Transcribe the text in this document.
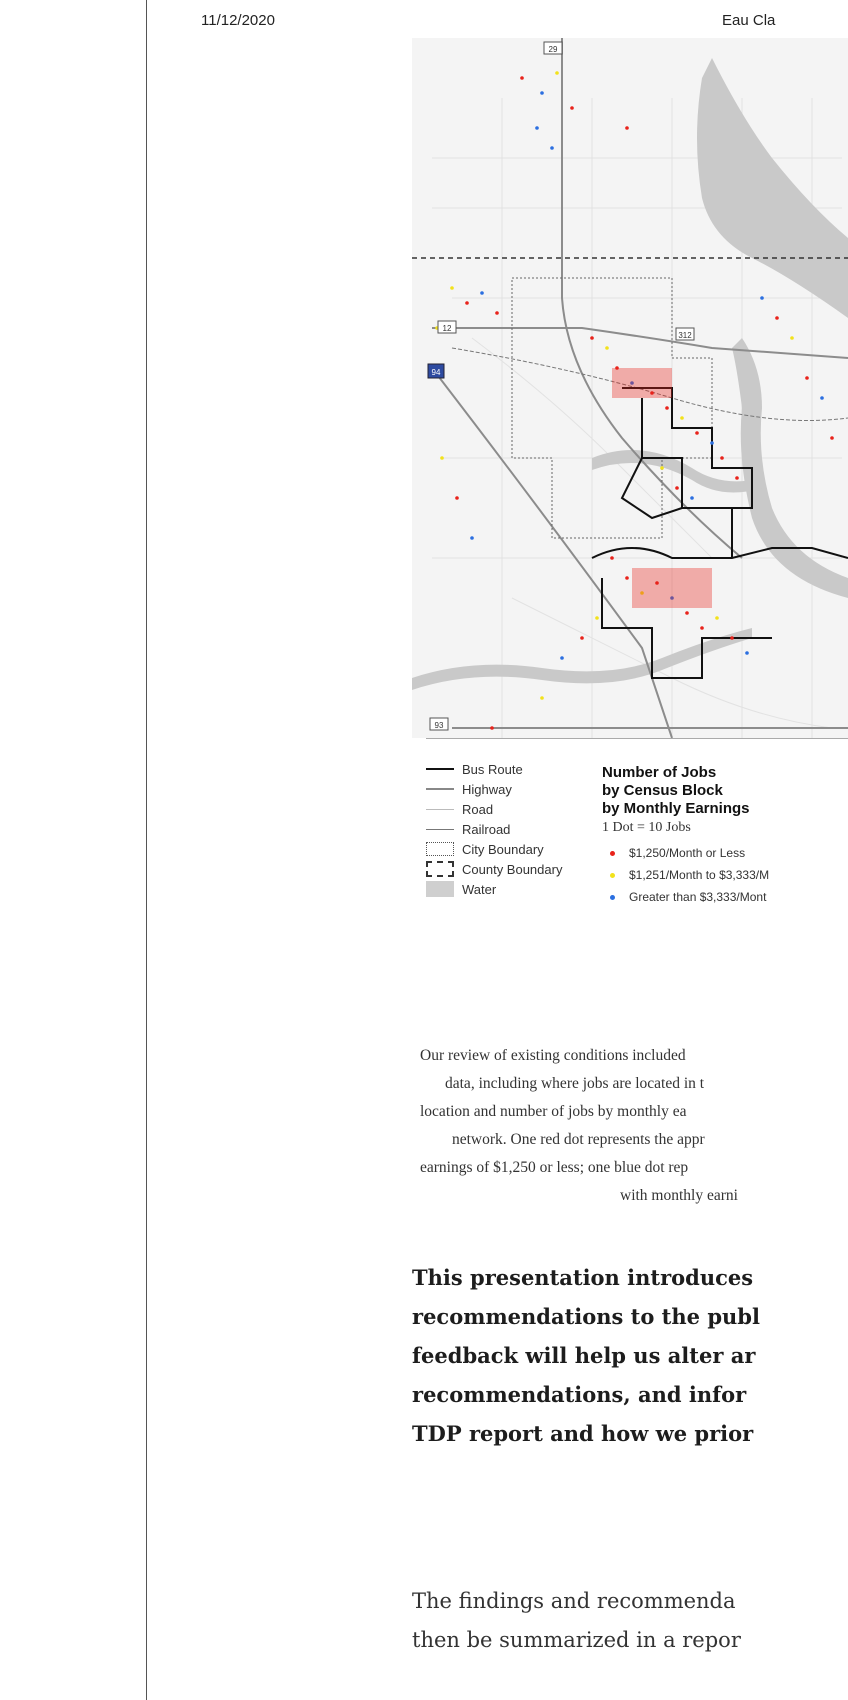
11/12/2020	Eau Cla
29
12
312
94
93
Bus Route
Highway
Road
Railroad
City Boundary
County Boundary
Water
Number of Jobs
by Census Block
by Monthly Earnings
1 Dot = 10 Jobs
$1,250/Month or Less
$1,251/Month to $3,333/M
Greater than $3,333/Mont
Our review of existing conditions included
data, including where jobs are located in t
location and number of jobs by monthly ea
network. One red dot represents the appr
earnings of $1,250 or less; one blue dot rep
with monthly earni
This presentation introduces
recommendations to the publ
feedback will help us alter ar
recommendations, and infor
TDP report and how we prior
The findings and recommenda
then be summarized in a repor
